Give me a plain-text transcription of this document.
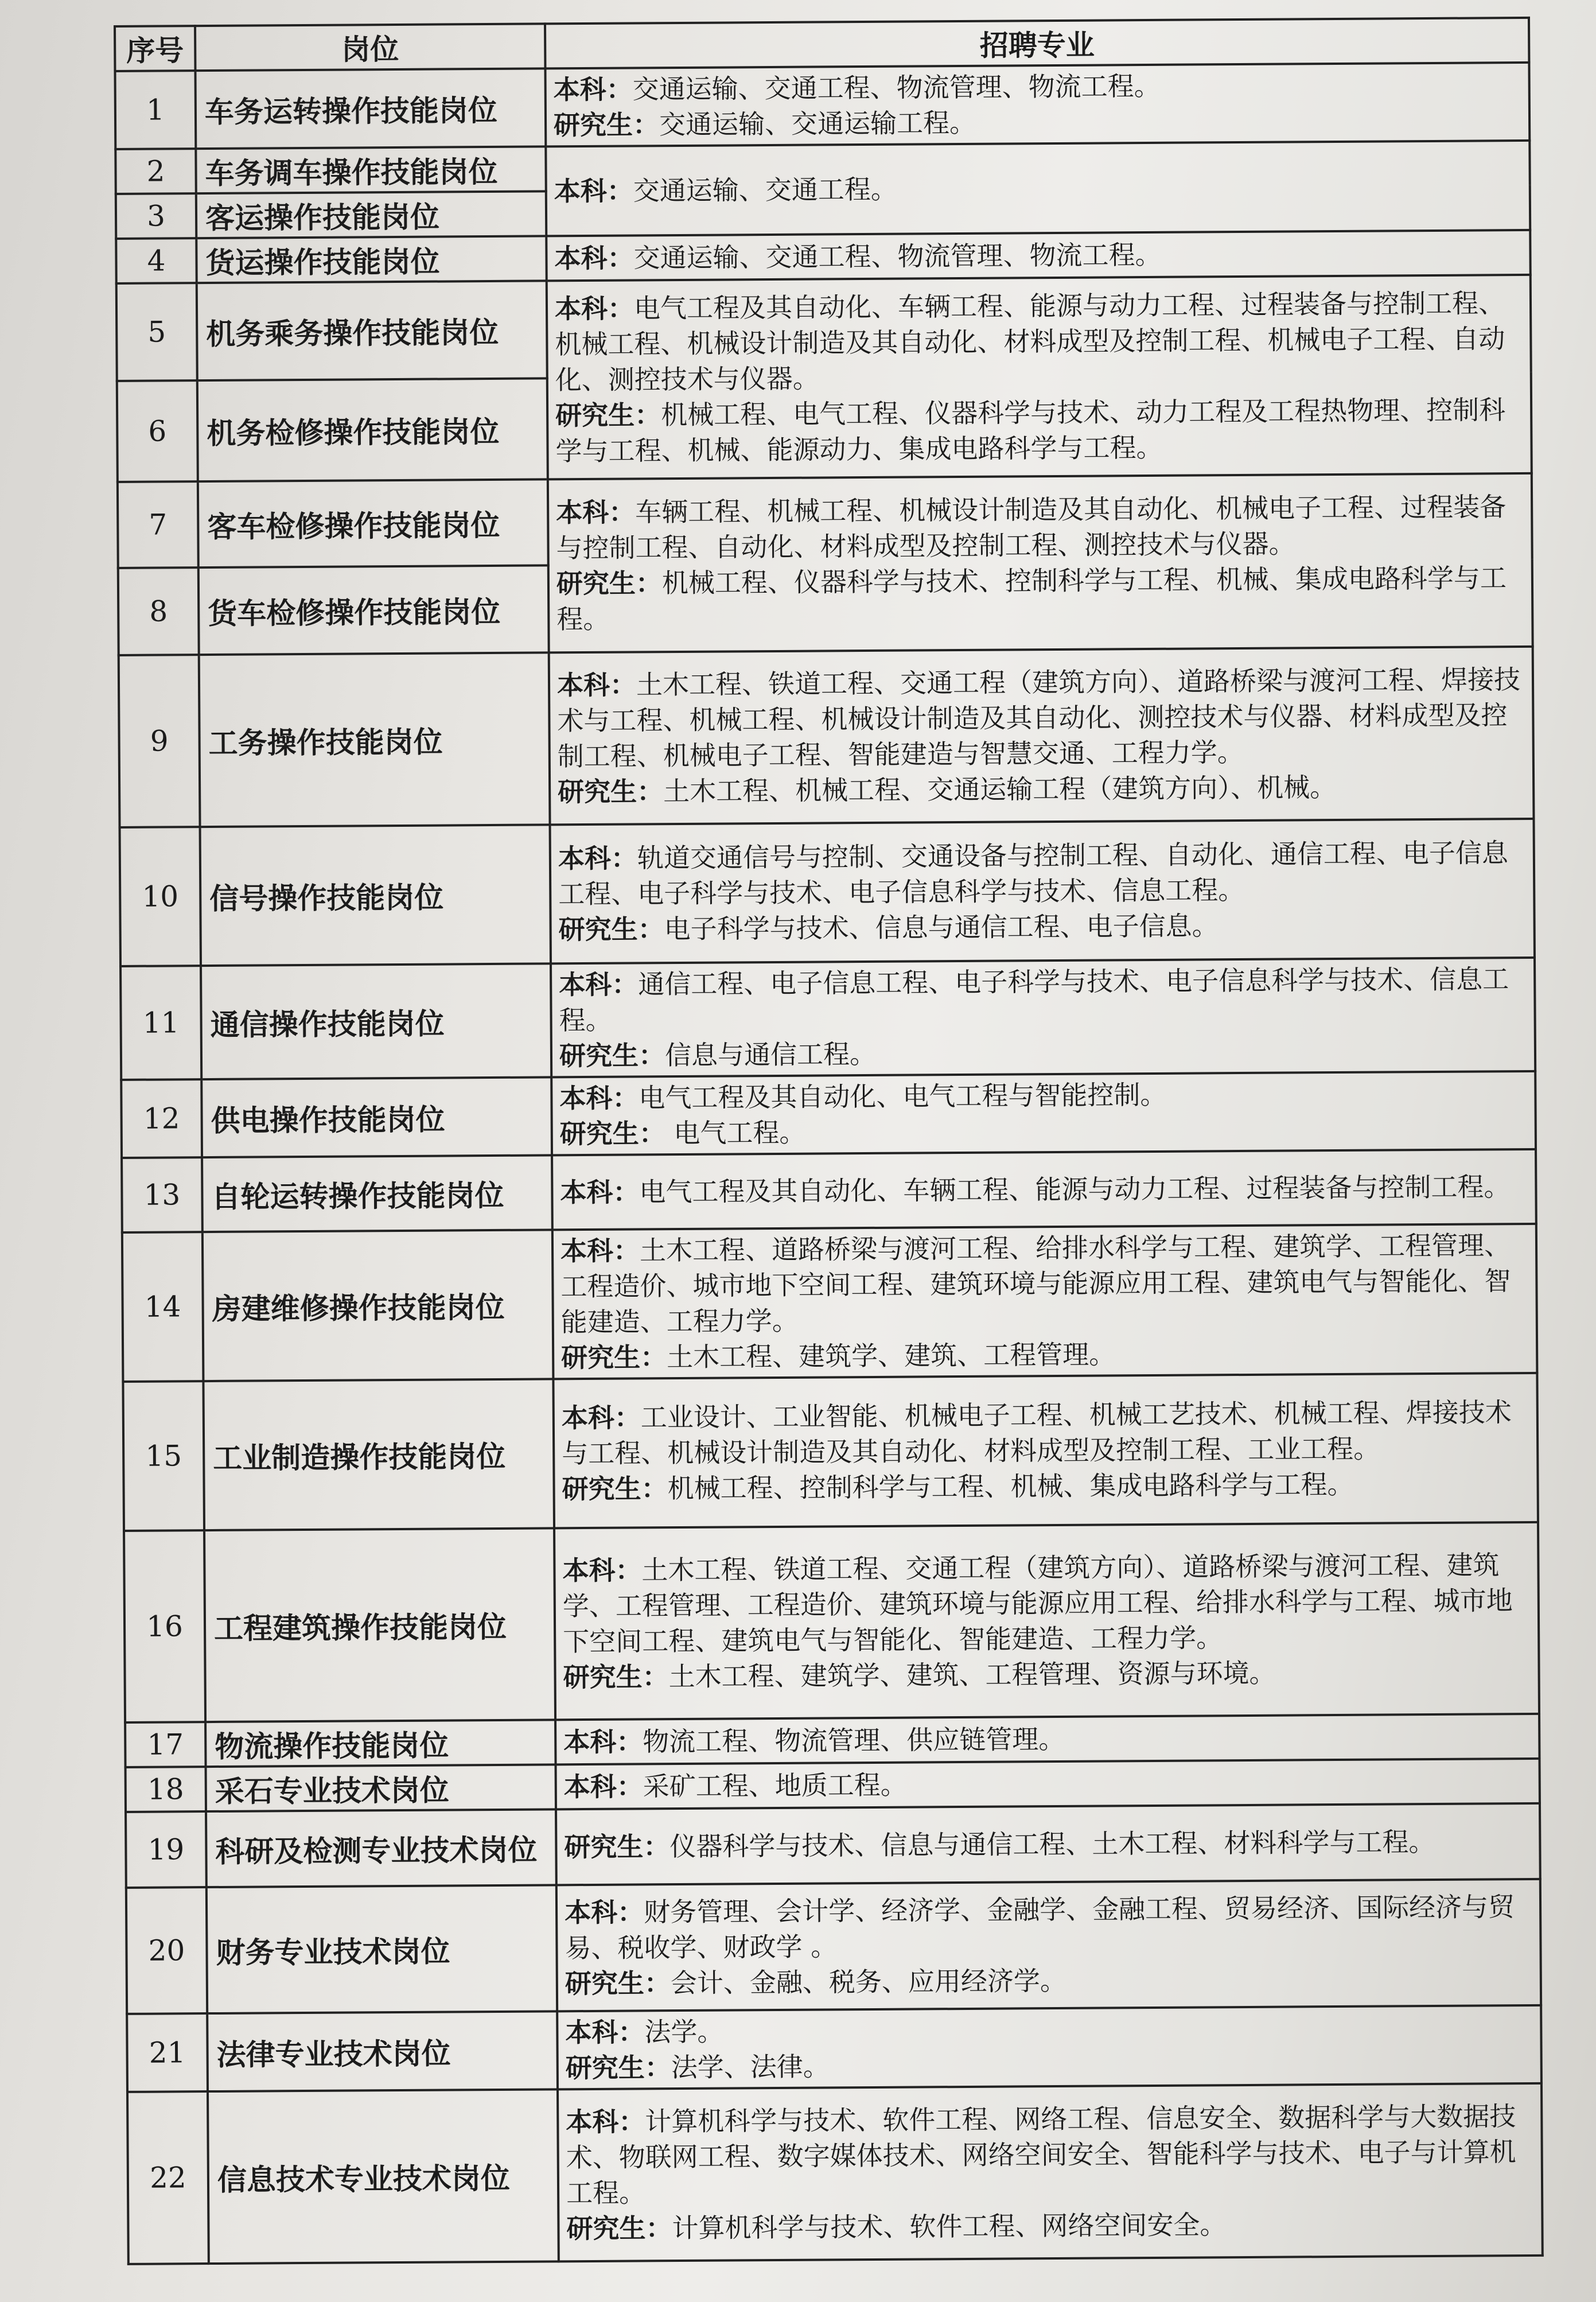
序号	岗位	招聘专业
1	车务运转操作技能岗位	本科：交通运输、交通工程、物流管理、物流工程。
研究生：交通运输、交通运输工程。

2	车务调车操作技能岗位	本科：交通运输、交通工程。

3	客运操作技能岗位	
4	货运操作技能岗位	本科：交通运输、交通工程、物流管理、物流工程。

5	机务乘务操作技能岗位	本科：电气工程及其自动化、车辆工程、能源与动力工程、过程装备与控制工程、机械工程、机械设计制造及其自动化、材料成型及控制工程、机械电子工程、自动化、测控技术与仪器。
研究生：机械工程、电气工程、仪器科学与技术、动力工程及工程热物理、控制科学与工程、机械、能源动力、集成电路科学与工程。

6	机务检修操作技能岗位	
7	客车检修操作技能岗位	本科：车辆工程、机械工程、机械设计制造及其自动化、机械电子工程、过程装备与控制工程、自动化、材料成型及控制工程、测控技术与仪器。
研究生：机械工程、仪器科学与技术、控制科学与工程、机械、集成电路科学与工程。

8	货车检修操作技能岗位	
9	工务操作技能岗位	本科：土木工程、铁道工程、交通工程（建筑方向）、道路桥梁与渡河工程、焊接技术与工程、机械工程、机械设计制造及其自动化、测控技术与仪器、材料成型及控制工程、机械电子工程、智能建造与智慧交通、工程力学。
研究生：土木工程、机械工程、交通运输工程（建筑方向）、机械。

10	信号操作技能岗位	本科：轨道交通信号与控制、交通设备与控制工程、自动化、通信工程、电子信息工程、电子科学与技术、电子信息科学与技术、信息工程。
研究生：电子科学与技术、信息与通信工程、电子信息。

11	通信操作技能岗位	本科：通信工程、电子信息工程、电子科学与技术、电子信息科学与技术、信息工程。
研究生：信息与通信工程。

12	供电操作技能岗位	本科：电气工程及其自动化、电气工程与智能控制。
研究生： 电气工程。

13	自轮运转操作技能岗位	本科：电气工程及其自动化、车辆工程、能源与动力工程、过程装备与控制工程。

14	房建维修操作技能岗位	本科：土木工程、道路桥梁与渡河工程、给排水科学与工程、建筑学、工程管理、工程造价、城市地下空间工程、建筑环境与能源应用工程、建筑电气与智能化、智能建造、工程力学。
研究生：土木工程、建筑学、建筑、工程管理。

15	工业制造操作技能岗位	本科：工业设计、工业智能、机械电子工程、机械工艺技术、机械工程、焊接技术与工程、机械设计制造及其自动化、材料成型及控制工程、工业工程。
研究生：机械工程、控制科学与工程、机械、集成电路科学与工程。

16	工程建筑操作技能岗位	本科：土木工程、铁道工程、交通工程（建筑方向）、道路桥梁与渡河工程、建筑学、工程管理、工程造价、建筑环境与能源应用工程、给排水科学与工程、城市地下空间工程、建筑电气与智能化、智能建造、工程力学。
研究生：土木工程、建筑学、建筑、工程管理、资源与环境。

17	物流操作技能岗位	本科：物流工程、物流管理、供应链管理。

18	采石专业技术岗位	本科：采矿工程、地质工程。

19	科研及检测专业技术岗位	研究生：仪器科学与技术、信息与通信工程、土木工程、材料科学与工程。

20	财务专业技术岗位	本科：财务管理、会计学、经济学、金融学、金融工程、贸易经济、国际经济与贸易、税收学、财政学 。
研究生：会计、金融、税务、应用经济学。

21	法律专业技术岗位	本科：法学。
研究生：法学、法律。

22	信息技术专业技术岗位	本科：计算机科学与技术、软件工程、网络工程、信息安全、数据科学与大数据技术、物联网工程、数字媒体技术、网络空间安全、智能科学与技术、电子与计算机工程。
研究生：计算机科学与技术、软件工程、网络空间安全。
